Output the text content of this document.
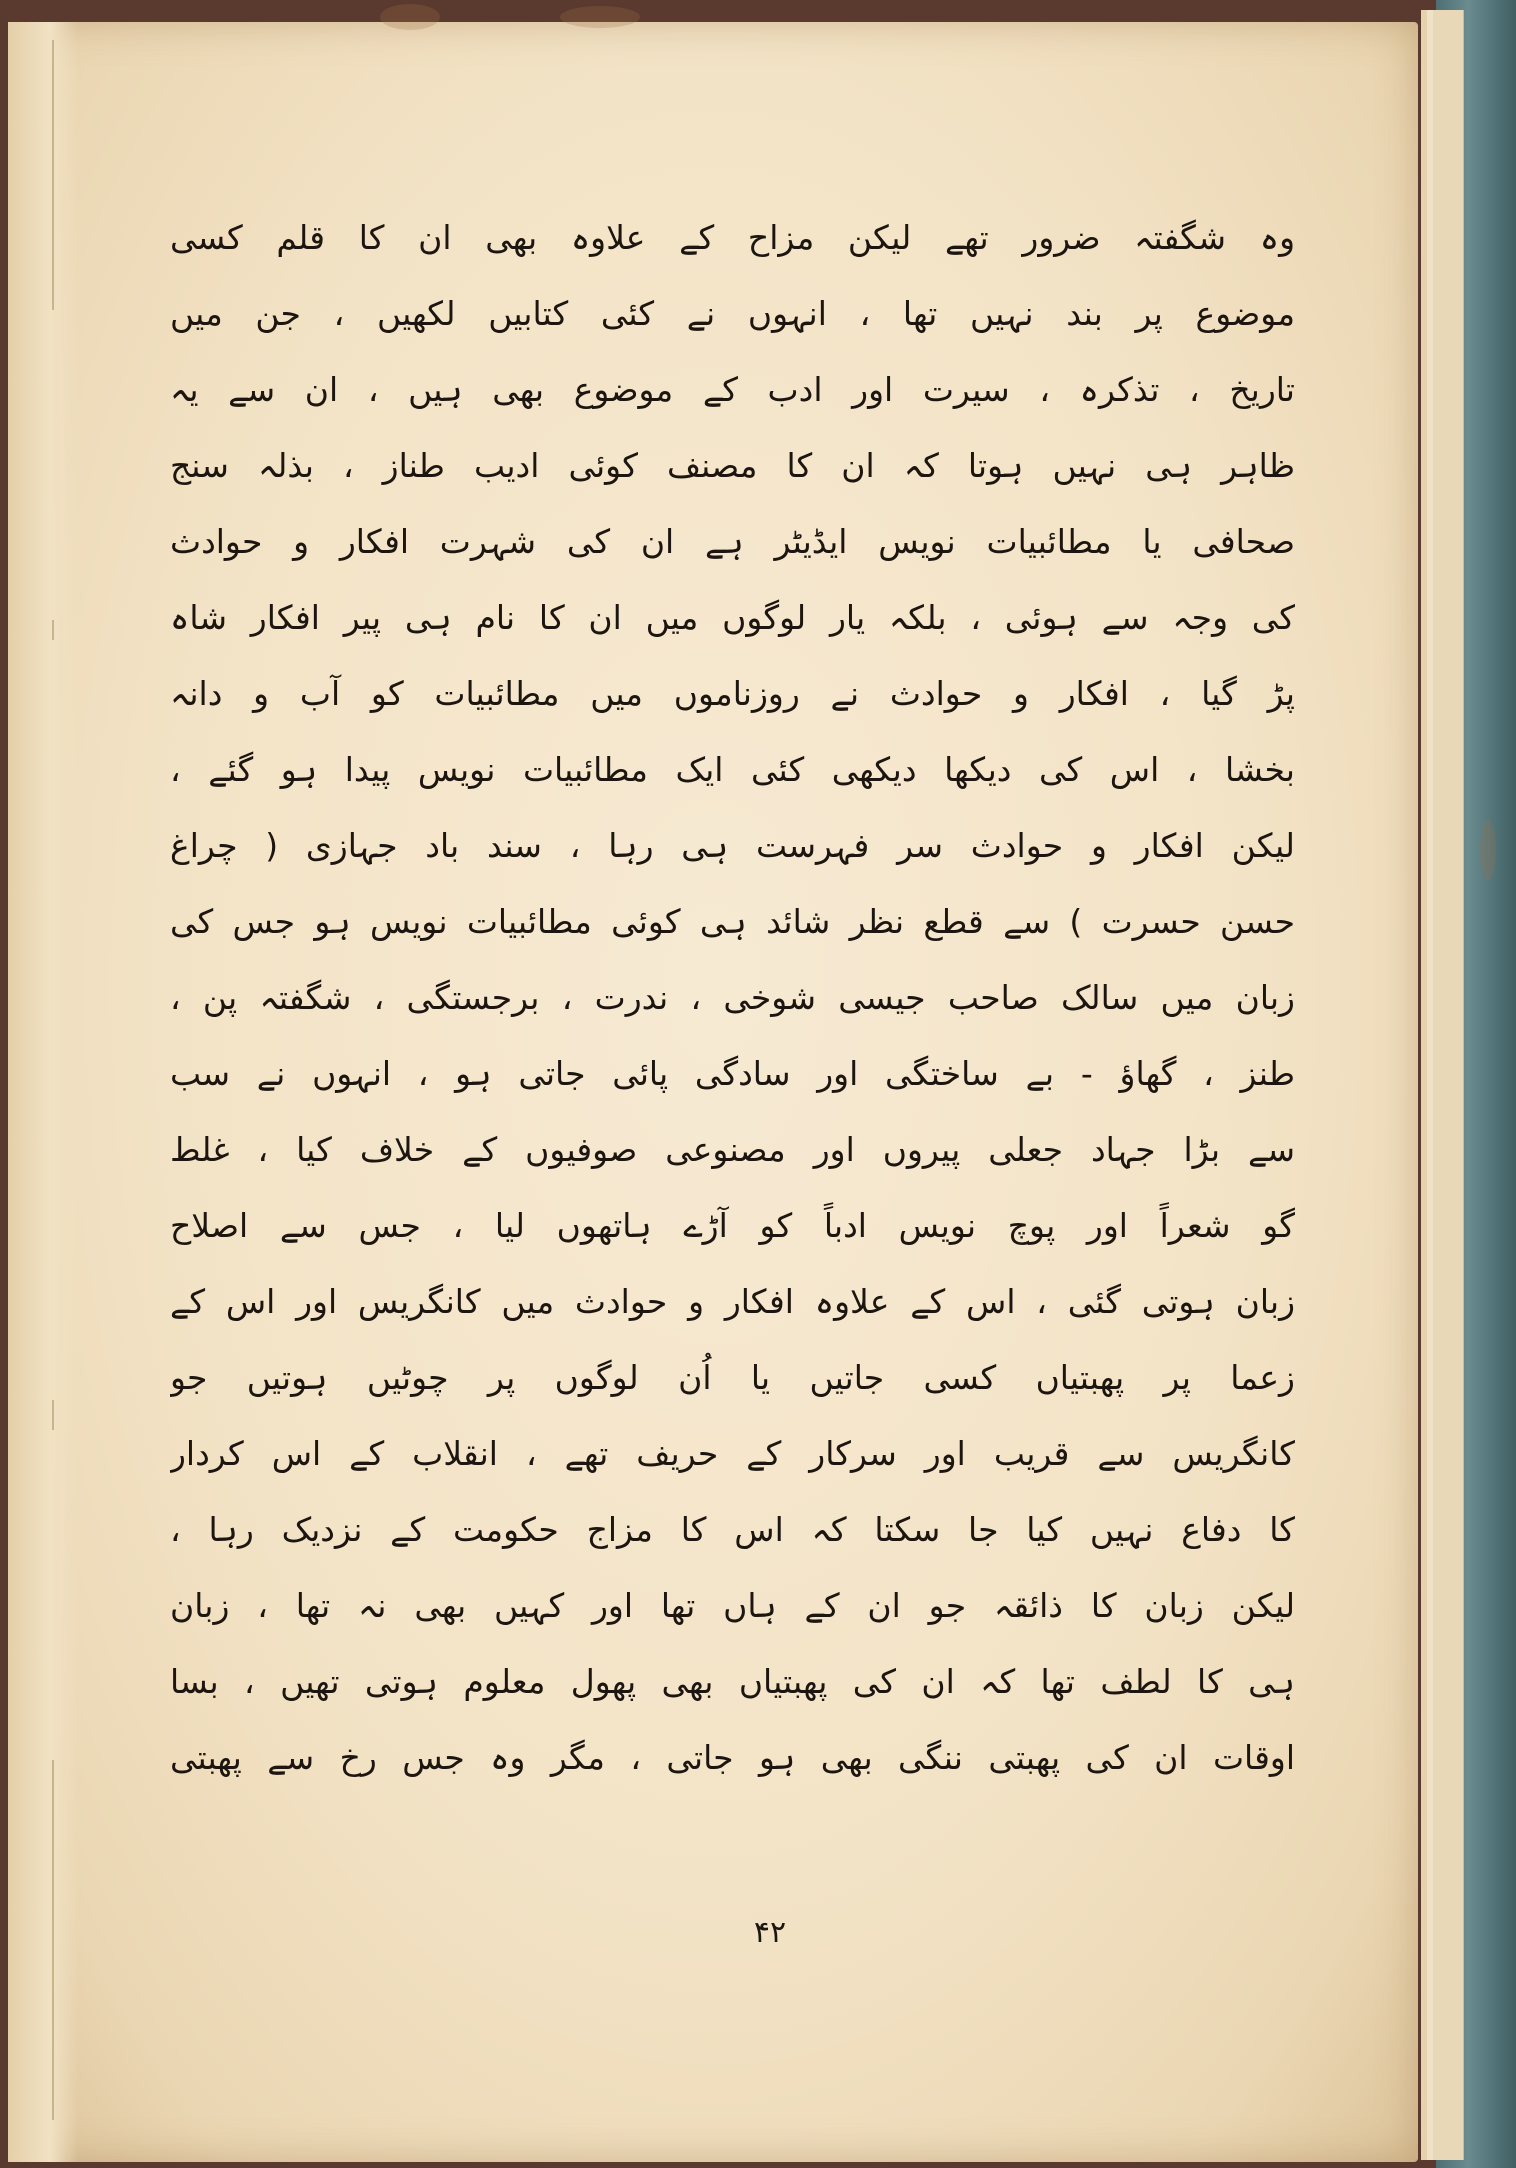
وہ شگفتہ ضرور تھے لیکن مزاح کے علاوہ بھی ان کا قلم کسی
موضوع پر بند نہیں تھا ، انہوں نے کئی کتابیں لکھیں ، جن میں
تاریخ ، تذکرہ ، سیرت اور ادب کے موضوع بھی ہیں ، ان سے یہ
ظاہر ہی نہیں ہوتا کہ ان کا مصنف کوئی ادیب طناز ، بذلہ سنج
صحافی یا مطائبیات نویس ایڈیٹر ہے ان کی شہرت افکار و حوادث
کی وجہ سے ہوئی ، بلکہ یار لوگوں میں ان کا نام ہی پیر افکار شاہ
پڑ گیا ، افکار و حوادث نے روزناموں میں مطائبیات کو آب و دانہ
بخشا ، اس کی دیکھا دیکھی کئی ایک مطائبیات نویس پیدا ہو گئے ،
لیکن افکار و حوادث سر فہرست ہی رہا ، سند باد جہازی ( چراغ
حسن حسرت ) سے قطع نظر شائد ہی کوئی مطائبیات نویس ہو جس کی
زبان میں سالک صاحب جیسی شوخی ، ندرت ، برجستگی ، شگفتہ پن ،
طنز ، گھاؤ - بے ساختگی اور سادگی پائی جاتی ہو ، انہوں نے سب
سے بڑا جہاد جعلی پیروں اور مصنوعی صوفیوں کے خلاف کیا ، غلط
گو شعراً اور پوچ نویس ادباً کو آڑے ہاتھوں لیا ، جس سے اصلاح
زبان ہوتی گئی ، اس کے علاوہ افکار و حوادث میں کانگریس اور اس کے
زعما پر پھبتیاں کسی جاتیں یا اُن لوگوں پر چوٹیں ہوتیں جو
کانگریس سے قریب اور سرکار کے حریف تھے ، انقلاب کے اس کردار
کا دفاع نہیں کیا جا سکتا کہ اس کا مزاج حکومت کے نزدیک رہا ،
لیکن زبان کا ذائقہ جو ان کے ہاں تھا اور کہیں بھی نہ تھا ، زبان
ہی کا لطف تھا کہ ان کی پھبتیاں بھی پھول معلوم ہوتی تھیں ، بسا
اوقات ان کی پھبتی ننگی بھی ہو جاتی ، مگر وہ جس رخ سے پھبتی
۴۲
